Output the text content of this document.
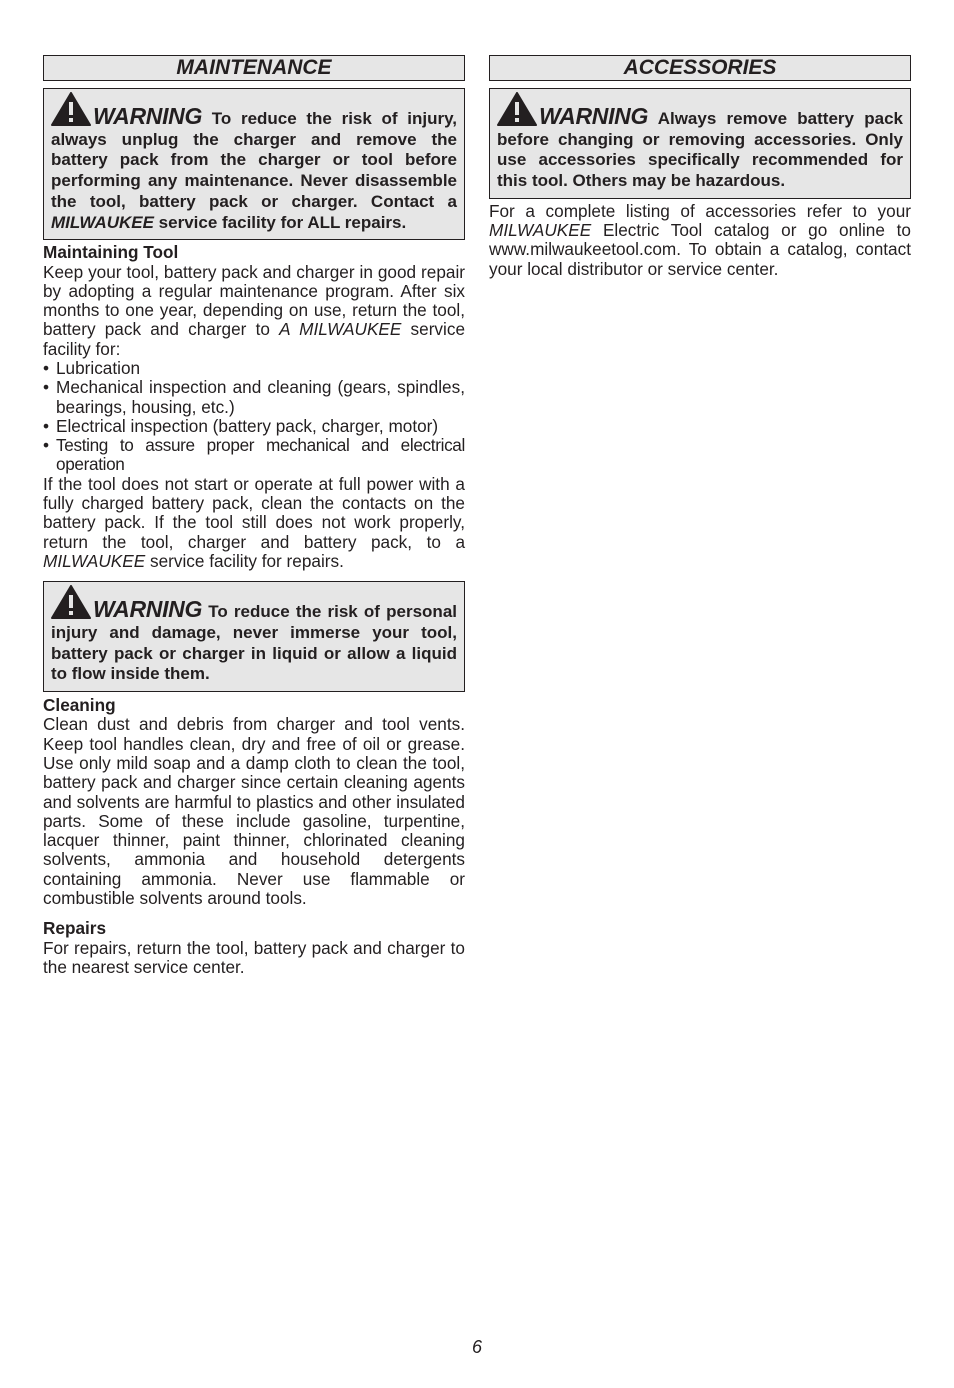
MAINTENANCE
WARNING To reduce the risk of injury, always unplug the charger and remove the battery pack from the charger or tool before performing any maintenance. Never disassemble the tool, battery pack or charger. Contact a MILWAUKEE service facility for ALL repairs.

Maintaining Tool

Keep your tool, battery pack and charger in good repair by adopting a regular maintenance program. After six months to one year, depending on use, return the tool, battery pack and charger to A MILWAUKEE service facility for:

• Lubrication
• Mechanical inspection and cleaning (gears, spindles, bearings, housing, etc.)
• Electrical inspection (battery pack, charger, motor)
• Testing to assure proper mechanical and electrical operation

If the tool does not start or operate at full power with a fully charged battery pack, clean the contacts on the battery pack. If the tool still does not work properly, return the tool, charger and battery pack, to a MILWAUKEE service facility for repairs.

WARNING To reduce the risk of personal injury and damage, never immerse your tool, battery pack or charger in liquid or allow a liquid to flow inside them.

Cleaning

Clean dust and debris from charger and tool vents. Keep tool handles clean, dry and free of oil or grease. Use only mild soap and a damp cloth to clean the tool, battery pack and charger since certain cleaning agents and solvents are harmful to plastics and other insulated parts. Some of these include gasoline, turpentine, lacquer thinner, paint thinner, chlorinated cleaning solvents, ammonia and household detergents containing ammonia. Never use flammable or combustible solvents around tools.

Repairs

For repairs, return the tool, battery pack and charger to the nearest service center.

ACCESSORIES
WARNING Always remove battery pack before changing or removing accessories. Only use accessories specifically recommended for this tool. Others may be hazardous.

For a complete listing of accessories refer to your MILWAUKEE Electric Tool catalog or go online to www.milwaukeetool.com. To obtain a catalog, contact your local distributor or service center.

6
